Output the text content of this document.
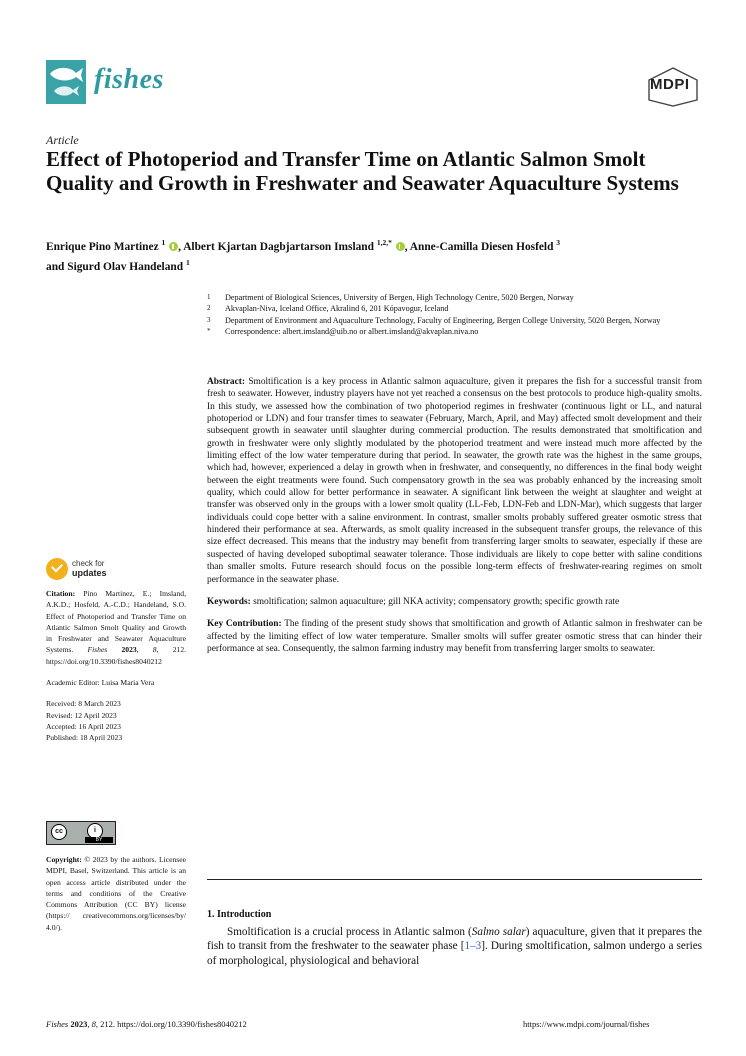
fishes	MDPI
Article
Effect of Photoperiod and Transfer Time on Atlantic Salmon Smolt Quality and Growth in Freshwater and Seawater Aquaculture Systems
Enrique Pino Martinez $^1$ , Albert Kjartan Dagbjartarson Imsland $^{1,2,*}$ , Anne-Camilla Diesen Hosfeld $^3$
and Sigurd Olav Handeland $^1$
1	Department of Biological Sciences, University of Bergen, High Technology Centre, 5020 Bergen, Norway
2	Akvaplan-Niva, Iceland Office, Akralind 6, 201 Kópavogur, Iceland
3	Department of Environment and Aquaculture Technology, Faculty of Engineering, Bergen College University, 5020 Bergen, Norway
*	Correspondence: albert.imsland@uib.no or albert.imsland@akvaplan.niva.no

Abstract: Smoltification is a key process in Atlantic salmon aquaculture, given it prepares the fish for a successful transit from fresh to seawater. However, industry players have not yet reached a consensus on the best protocols to produce high-quality smolts. In this study, we assessed how the combination of two photoperiod regimes in freshwater (continuous light or LL, and natural photoperiod or LDN) and four transfer times to seawater (February, March, April, and May) affected smolt development and their subsequent growth in seawater until slaughter during commercial production. The results demonstrated that smoltification and growth in freshwater were only slightly modulated by the photoperiod treatment and were instead much more affected by the limiting effect of the low water temperature during that period. In seawater, the growth rate was the highest in the same groups, which had, however, experienced a delay in growth when in freshwater, and consequently, no differences in the final body weight between the eight treatments were found. Such compensatory growth in the sea was probably enhanced by the increasing smolt quality, which could allow for better performance in seawater. A significant link between the weight at slaughter and weight at transfer was observed only in the groups with a lower smolt quality (LL-Feb, LDN-Feb and LDN-Mar), which suggests that larger individuals could cope better with a saline environment. In contrast, smaller smolts probably suffered greater osmotic stress that hindered their performance at sea. Afterwards, as smolt quality increased in the subsequent transfer groups, the relevance of this size effect decreased. This means that the industry may benefit from transferring larger smolts to seawater, especially if these are suspected of having developed suboptimal seawater tolerance. Those individuals are likely to cope better with saline conditions than smaller smolts. Future research should focus on the possible long-term effects of freshwater-rearing regimes on smolt performance in the seawater phase.

Keywords: smoltification; salmon aquaculture; gill NKA activity; compensatory growth; specific growth rate

Key Contribution: The finding of the present study shows that smoltification and growth of Atlantic salmon in freshwater can be affected by the limiting effect of low water temperature. Smaller smolts will suffer greater osmotic stress that can hinder their performance at sea. Consequently, the salmon farming industry may benefit from transferring larger smolts to seawater.

check for
updates

Citation: Pino Martinez, E.; Imsland, A.K.D.; Hosfeld, A.-C.D.; Handeland, S.O. Effect of Photoperiod and Transfer Time on Atlantic Salmon Smolt Quality and Growth in Freshwater and Seawater Aquaculture Systems. Fishes 2023, 8, 212. https://doi.org/10.3390/fishes8040212

Academic Editor: Luisa Maria Vera

Received: 8 March 2023

Revised: 12 April 2023

Accepted: 16 April 2023

Published: 18 April 2023

cc	i
BY
Copyright: © 2023 by the authors. Licensee MDPI, Basel, Switzerland. This article is an open access article distributed under the terms and conditions of the Creative Commons Attribution (CC BY) license (https:// creativecommons.org/licenses/by/ 4.0/).
1. Introduction
Smoltification is a crucial process in Atlantic salmon (Salmo salar) aquaculture, given that it prepares the fish to transit from the freshwater to the seawater phase [1–3]. During smoltification, salmon undergo a series of morphological, physiological and behavioral
Fishes 2023, 8, 212. https://doi.org/10.3390/fishes8040212	https://www.mdpi.com/journal/fishes
